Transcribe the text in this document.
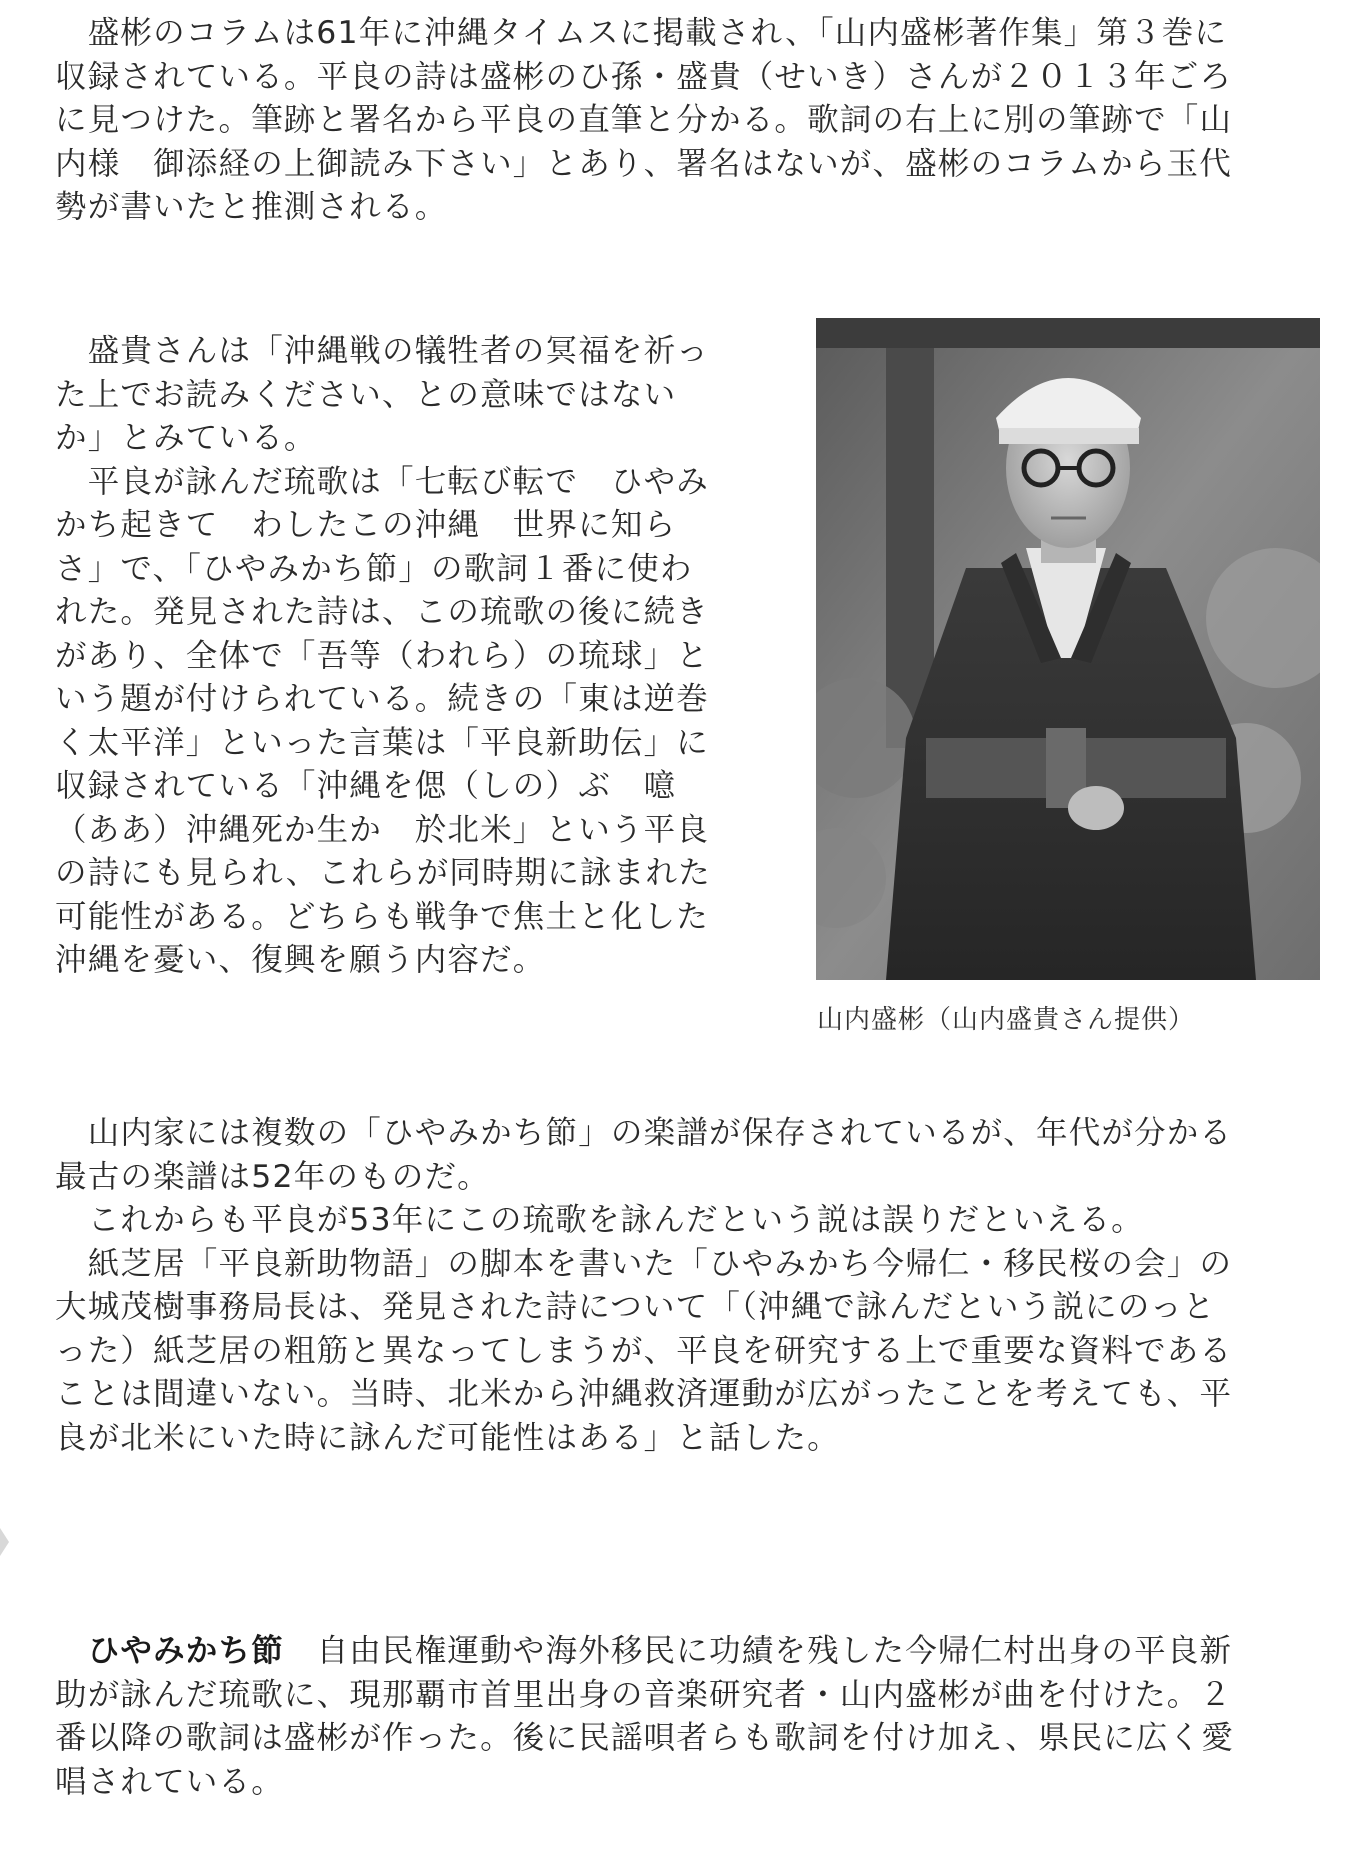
　盛彬のコラムは61年に沖縄タイムスに掲載され、「山内盛彬著作集」第３巻に
収録されている。平良の詩は盛彬のひ孫・盛貴（せいき）さんが２０１３年ごろ
に見つけた。筆跡と署名から平良の直筆と分かる。歌詞の右上に別の筆跡で「山
内様　御添経の上御読み下さい」とあり、署名はないが、盛彬のコラムから玉代
勢が書いたと推測される。
　盛貴さんは「沖縄戦の犠牲者の冥福を祈っ
た上でお読みください、との意味ではない
か」とみている。
　平良が詠んだ琉歌は「七転び転で　ひやみ
かち起きて　わしたこの沖縄　世界に知ら
さ」で、「ひやみかち節」の歌詞１番に使わ
れた。発見された詩は、この琉歌の後に続き
があり、全体で「吾等（われら）の琉球」と
いう題が付けられている。続きの「東は逆巻
く太平洋」といった言葉は「平良新助伝」に
収録されている「沖縄を偲（しの）ぶ　噫
（ああ）沖縄死か生か　於北米」という平良
の詩にも見られ、これらが同時期に詠まれた
可能性がある。どちらも戦争で焦土と化した
沖縄を憂い、復興を願う内容だ。
山内盛彬（山内盛貴さん提供）
　山内家には複数の「ひやみかち節」の楽譜が保存されているが、年代が分かる
最古の楽譜は52年のものだ。
　これからも平良が53年にこの琉歌を詠んだという説は誤りだといえる。
　紙芝居「平良新助物語」の脚本を書いた「ひやみかち今帰仁・移民桜の会」の
大城茂樹事務局長は、発見された詩について「（沖縄で詠んだという説にのっと
った）紙芝居の粗筋と異なってしまうが、平良を研究する上で重要な資料である
ことは間違いない。当時、北米から沖縄救済運動が広がったことを考えても、平
良が北米にいた時に詠んだ可能性はある」と話した。
　ひやみかち節　自由民権運動や海外移民に功績を残した今帰仁村出身の平良新
助が詠んだ琉歌に、現那覇市首里出身の音楽研究者・山内盛彬が曲を付けた。２
番以降の歌詞は盛彬が作った。後に民謡唄者らも歌詞を付け加え、県民に広く愛
唱されている。
